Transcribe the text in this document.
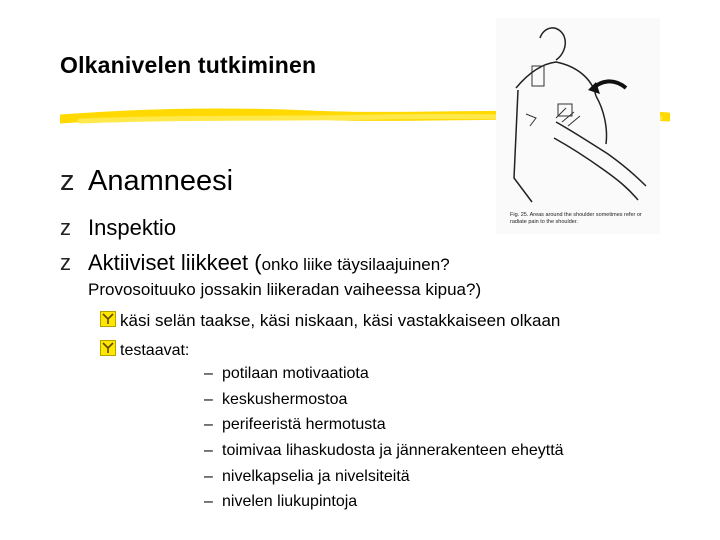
Olkanivelen tutkiminen
Fig. 25. Areas around the shoulder sometimes refer or radiate pain to the shoulder.
z Anamneesi
z Inspektio
z Aktiiviset liikkeet (onko liike täysilaajuinen?
Provosoituuko jossakin liikeradan vaiheessa kipua?)
käsi selän taakse, käsi niskaan, käsi vastakkaiseen olkaan
testaavat:
– potilaan motivaatiota
– keskushermostoa
– perifeeristä hermotusta
– toimivaa lihaskudosta ja jännerakenteen eheyttä
– nivelkapselia ja nivelsiteitä
– nivelen liukupintoja
